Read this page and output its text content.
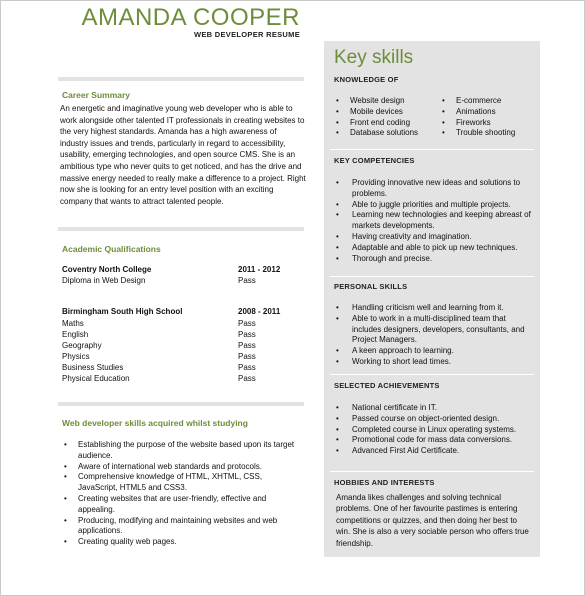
AMANDA COOPER
WEB DEVELOPER RESUME
Career Summary
An energetic and imaginative young web developer who is able to work alongside other talented IT professionals in creating websites to the very highest standards. Amanda has a high awareness of industry issues and trends, particularly in regard to accessibility, usability, emerging technologies, and open source CMS. She is an ambitious type who never quits to get noticed, and has the drive and massive energy needed to really make a difference to a project. Right now she is looking for an entry level position with an exciting company that wants to attract talented people.
Academic Qualifications
Coventry North College	2011 - 2012
Diploma in Web Design	Pass
Birmingham South High School	2008 - 2011
Maths	Pass
English	Pass
Geography	Pass
Physics	Pass
Business Studies	Pass
Physical Education	Pass
Web developer skills acquired whilst studying
• Establishing the purpose of the website based upon its target audience.
• Aware of international web standards and protocols.
• Comprehensive knowledge of HTML, XHTML, CSS, JavaScript, HTML5 and CSS3.
• Creating websites that are user-friendly, effective and appealing.
• Producing, modifying and maintaining websites and web applications.
• Creating quality web pages.
Key skills
KNOWLEDGE OF
• Website design
• Mobile devices
• Front end coding
• Database solutions
• E-commerce
• Animations
• Fireworks
• Trouble shooting
KEY COMPETENCIES
• Providing innovative new ideas and solutions to problems.
• Able to juggle priorities and multiple projects.
• Learning new technologies and keeping abreast of markets developments.
• Having creativity and imagination.
• Adaptable and able to pick up new techniques.
• Thorough and precise.
PERSONAL SKILLS
• Handling criticism well and learning from it.
• Able to work in a multi-disciplined team that includes designers, developers, consultants, and Project Managers.
• A keen approach to learning.
• Working to short lead times.
SELECTED ACHIEVEMENTS
• National certificate in IT.
• Passed course on object-oriented design.
• Completed course in Linux operating systems.
• Promotional code for mass data conversions.
• Advanced First Aid Certificate.
HOBBIES AND INTERESTS
Amanda likes challenges and solving technical problems. One of her favourite pastimes is entering competitions or quizzes, and then doing her best to win. She is also a very sociable person who offers true friendship.
